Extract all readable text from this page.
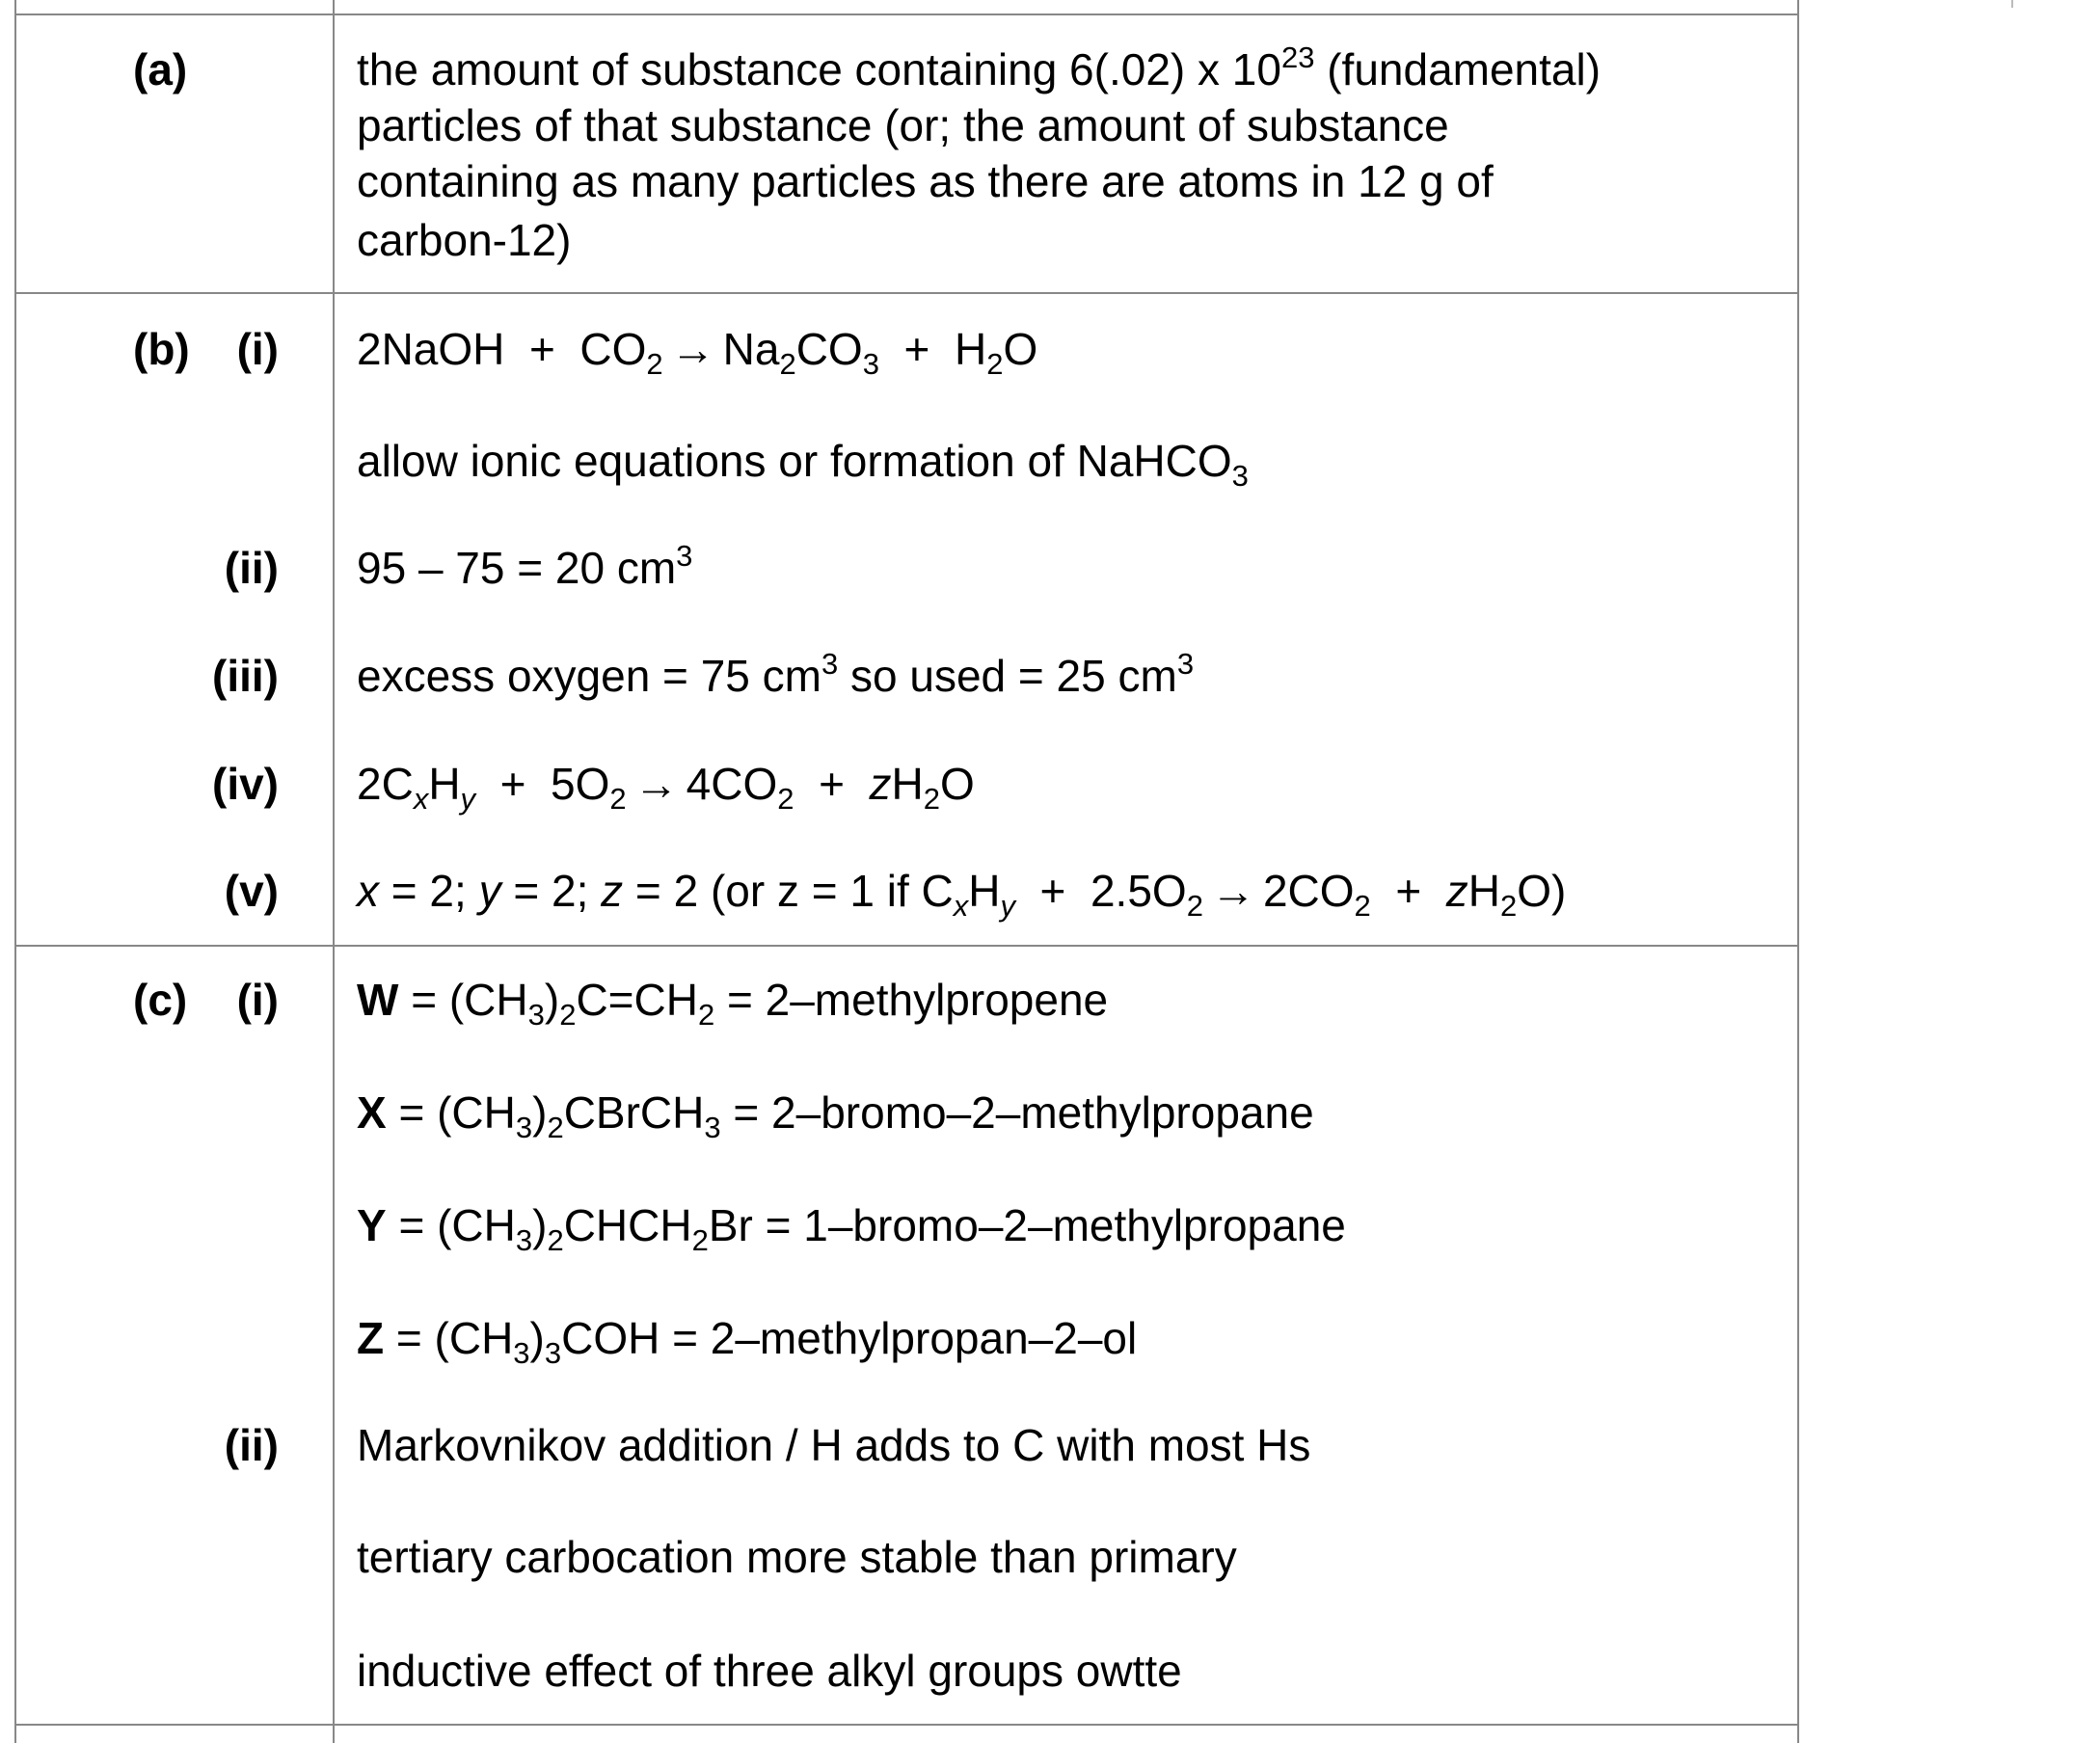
(a)	the amount of substance containing 6(.02) x $10^{23}$ (fundamental)
particles of that substance (or; the amount of substance
containing as many particles as there are atoms in 12 g of
carbon-12)
(b) (i) 2NaOH + $CO_2 \to Na_2CO_3 + H_2O$
allow ionic equations or formation of NaHCO$_3$
(ii) 95 – 75 = 20 $cm^3$
(iii) excess oxygen = 75 $cm^3$ so used = 25 $cm^3$
(iv) $2C_xH_y + 5O_2 \to 4CO_2 + zH_2O$
(v) x = 2; y = 2; z = 2 (or z = 1 if $C_xH_y + 2.5O_2 \to 2CO_2 + zH_2O$)
(c) (i) $W = (CH_3)_2C=CH_2$ = 2–methylpropene
$X = (CH_3)_2CBrCH_3$ = 2–bromo–2–methylpropane
$Y = (CH_3)_2CHCH_2Br$ = 1–bromo–2–methylpropane
$Z = (CH_3)_3COH$ = 2–methylpropan–2–ol
(ii) Markovnikov addition / H adds to C with most Hs
tertiary carbocation more stable than primary
inductive effect of three alkyl groups owtte
